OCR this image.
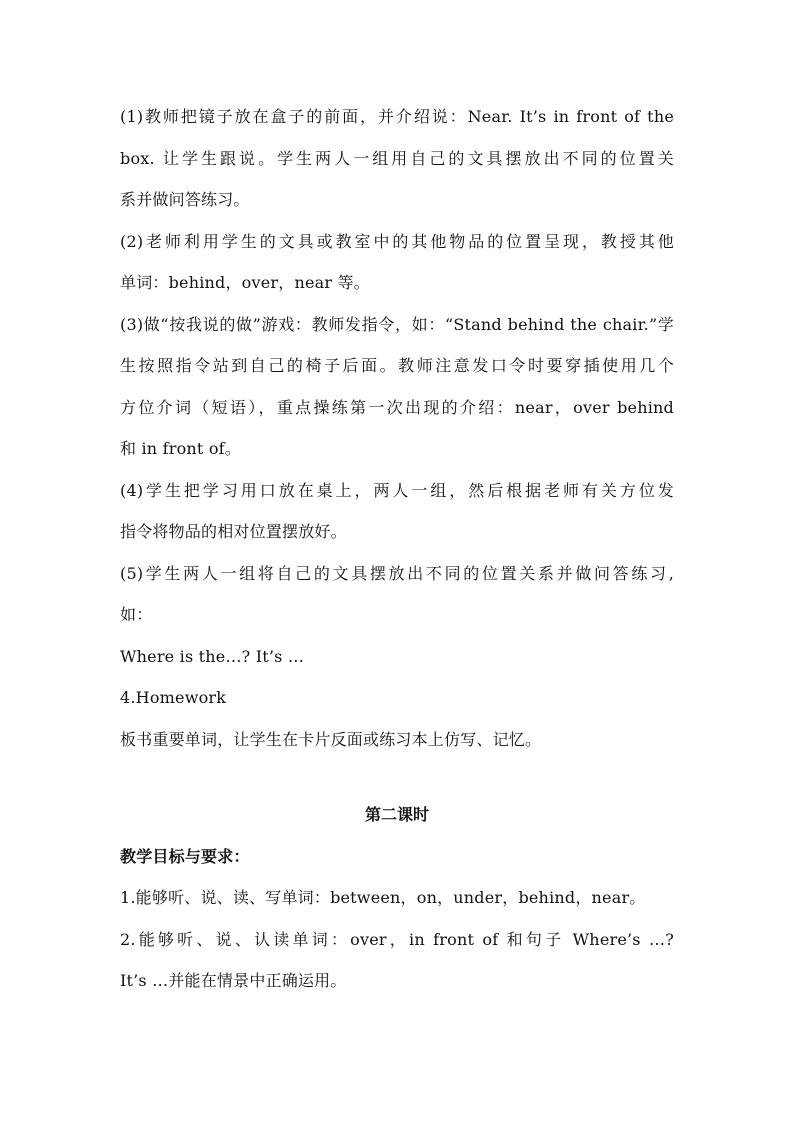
(1)教师把镜子放在盒子的前面，并介绍说：Near. It’s in front of the
box. 让学生跟说。学生两人一组用自己的文具摆放出不同的位置关
系并做问答练习。
(2)老师利用学生的文具或教室中的其他物品的位置呈现，教授其他
单词：behind，over，near 等。
(3)做“按我说的做”游戏：教师发指令，如：“Stand behind the chair.”学
生按照指令站到自己的椅子后面。教师注意发口令时要穿插使用几个
方位介词（短语），重点操练第一次出现的介绍：near，over behind
和 in front of。
(4)学生把学习用口放在桌上，两人一组，然后根据老师有关方位发
指令将物品的相对位置摆放好。
(5)学生两人一组将自己的文具摆放出不同的位置关系并做问答练习,
如：
Where is the…? It’s …
4.Homework
板书重要单词，让学生在卡片反面或练习本上仿写、记忆。
第二课时
教学目标与要求：
1.能够听、说、读、写单词：between，on，under，behind，near。
2.能够听、说、认读单词：over，in front of 和句子 Where’s …?
It’s …并能在情景中正确运用。
